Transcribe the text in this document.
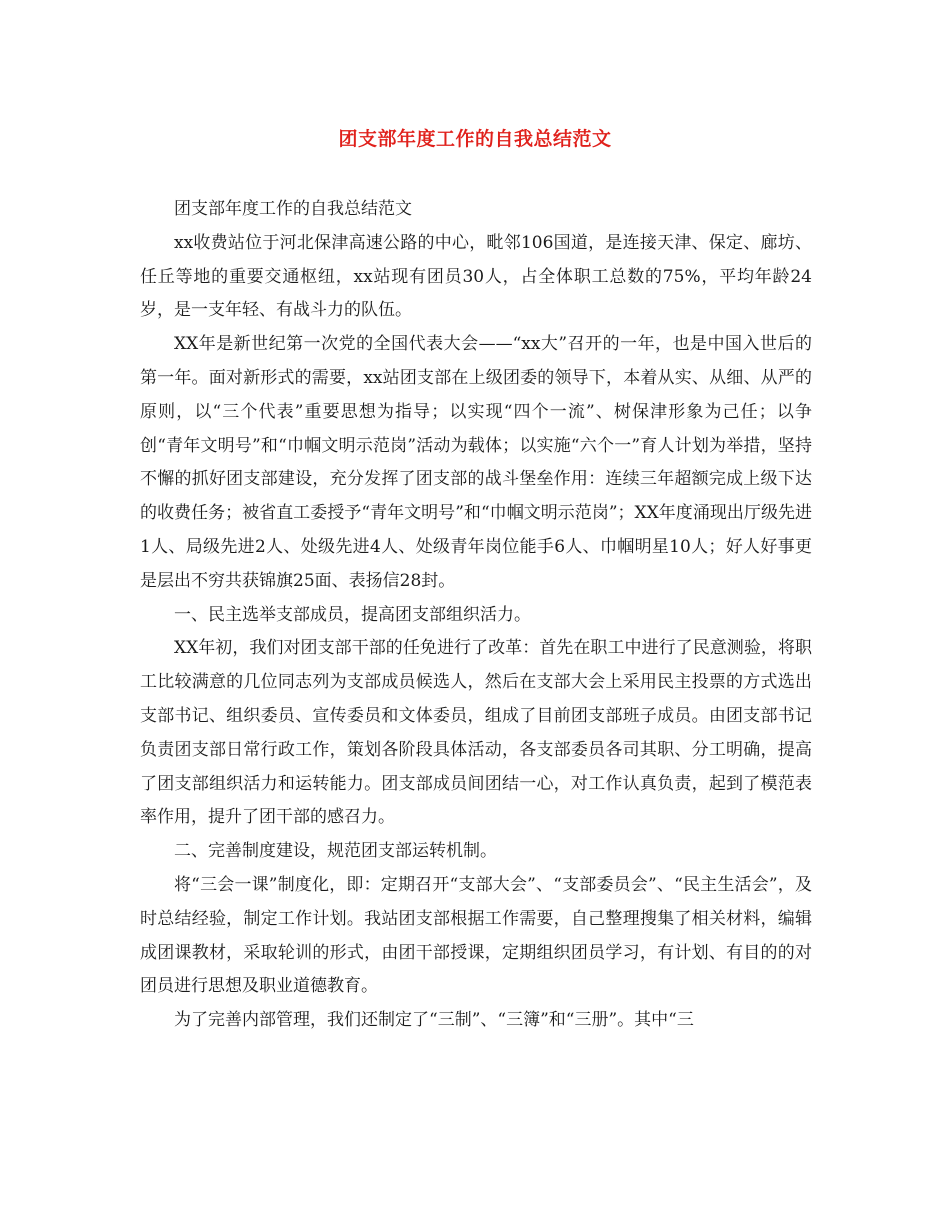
团支部年度工作的自我总结范文

团支部年度工作的自我总结范文

xx收费站位于河北保津高速公路的中心，毗邻106国道，是连接天津、保定、廊坊、任丘等地的重要交通枢纽，xx站现有团员30人，占全体职工总数的75%，平均年龄24岁，是一支年轻、有战斗力的队伍。

XX年是新世纪第一次党的全国代表大会——“xx大”召开的一年，也是中国入世后的第一年。面对新形式的需要，xx站团支部在上级团委的领导下，本着从实、从细、从严的原则，以“三个代表”重要思想为指导；以实现“四个一流”、树保津形象为己任；以争创“青年文明号”和“巾帼文明示范岗”活动为载体；以实施“六个一”育人计划为举措，坚持不懈的抓好团支部建设，充分发挥了团支部的战斗堡垒作用：连续三年超额完成上级下达的收费任务；被省直工委授予“青年文明号”和“巾帼文明示范岗”；XX年度涌现出厅级先进1人、局级先进2人、处级先进4人、处级青年岗位能手6人、巾帼明星10人；好人好事更是层出不穷共获锦旗25面、表扬信28封。

一、民主选举支部成员，提高团支部组织活力。

XX年初，我们对团支部干部的任免进行了改革：首先在职工中进行了民意测验，将职工比较满意的几位同志列为支部成员候选人，然后在支部大会上采用民主投票的方式选出支部书记、组织委员、宣传委员和文体委员，组成了目前团支部班子成员。由团支部书记负责团支部日常行政工作，策划各阶段具体活动，各支部委员各司其职、分工明确，提高了团支部组织活力和运转能力。团支部成员间团结一心，对工作认真负责，起到了模范表率作用，提升了团干部的感召力。

二、完善制度建设，规范团支部运转机制。

将“三会一课”制度化，即：定期召开“支部大会”、“支部委员会”、“民主生活会”，及时总结经验，制定工作计划。我站团支部根据工作需要，自己整理搜集了相关材料，编辑成团课教材，采取轮训的形式，由团干部授课，定期组织团员学习，有计划、有目的的对团员进行思想及职业道德教育。

为了完善内部管理，我们还制定了“三制”、“三簿”和“三册”。其中“三
